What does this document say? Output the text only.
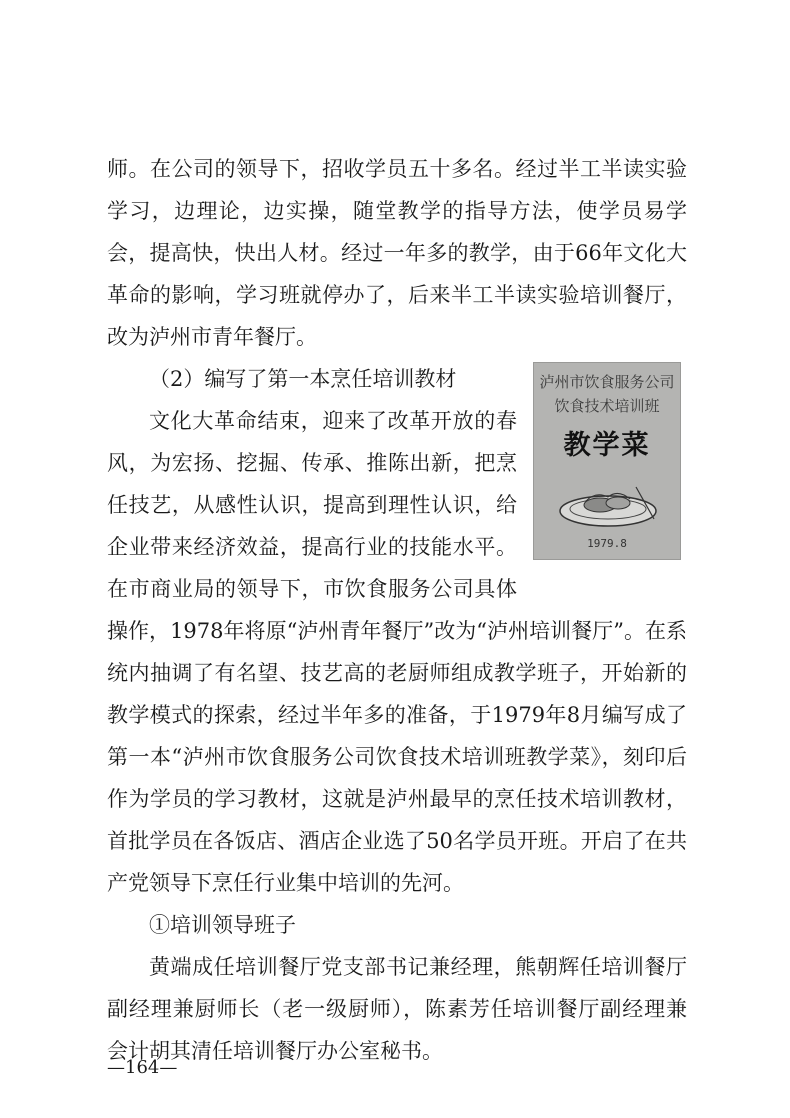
师。在公司的领导下，招收学员五十多名。经过半工半读实验
学习，边理论，边实操，随堂教学的指导方法，使学员易学
会，提高快，快出人材。经过一年多的教学，由于66年文化大
革命的影响，学习班就停办了，后来半工半读实验培训餐厅，
改为泸州市青年餐厅。
（2）编写了第一本烹任培训教材
文化大革命结束，迎来了改革开放的春
风，为宏扬、挖掘、传承、推陈出新，把烹
任技艺，从感性认识，提高到理性认识，给
企业带来经济效益，提高行业的技能水平。
在市商业局的领导下，市饮食服务公司具体
泸州市饮食服务公司
饮食技术培训班
教学菜
1979.8
操作，1978年将原“泸州青年餐厅”改为“泸州培训餐厅”。在系
统内抽调了有名望、技艺高的老厨师组成教学班子，开始新的
教学模式的探索，经过半年多的准备，于1979年8月编写成了
第一本“泸州市饮食服务公司饮食技术培训班教学菜》，刻印后
作为学员的学习教材，这就是泸州最早的烹任技术培训教材，
首批学员在各饭店、酒店企业选了50名学员开班。开启了在共
产党领导下烹任行业集中培训的先河。
①培训领导班子
黄端成任培训餐厅党支部书记兼经理，熊朝辉任培训餐厅
副经理兼厨师长（老一级厨师），陈素芳任培训餐厅副经理兼
—164—
会计胡其清任培训餐厅办公室秘书。
